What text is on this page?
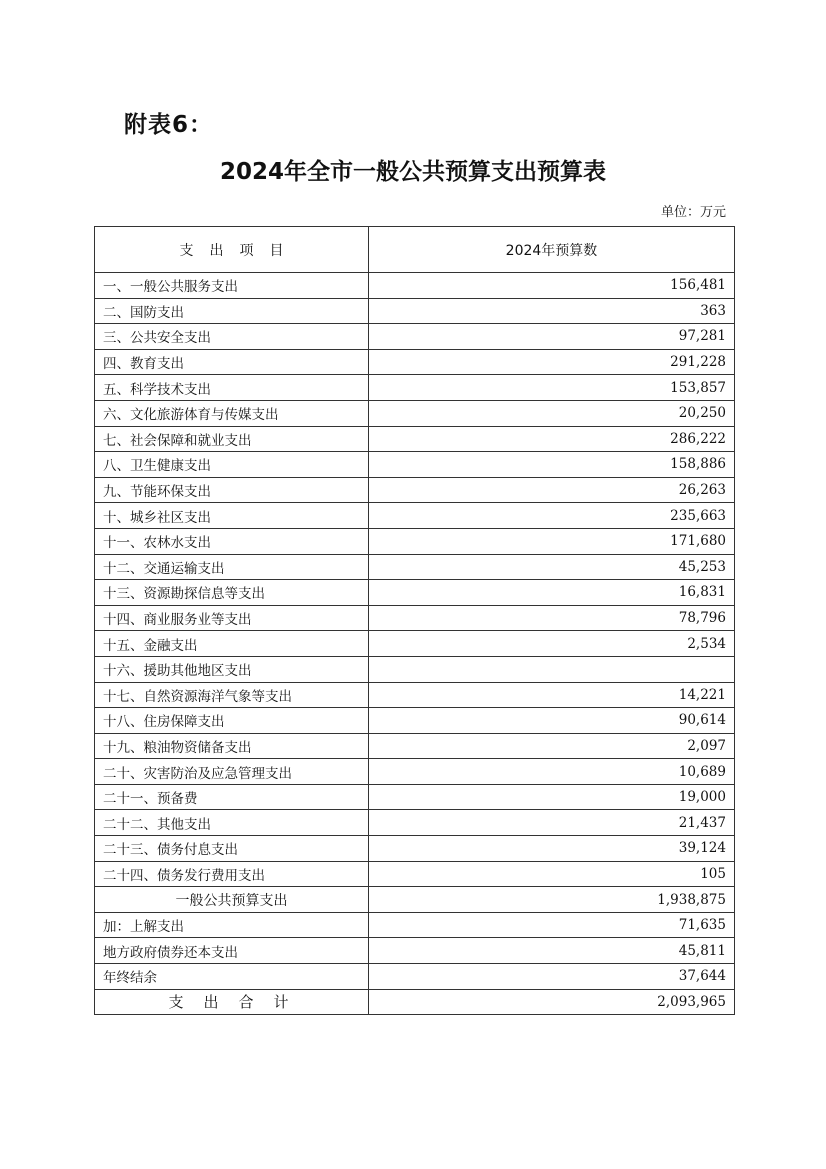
附表6：
2024年全市一般公共预算支出预算表
单位：万元
支出项目	2024年预算数
一、一般公共服务支出	156,481
二、国防支出	363
三、公共安全支出	97,281
四、教育支出	291,228
五、科学技术支出	153,857
六、文化旅游体育与传媒支出	20,250
七、社会保障和就业支出	286,222
八、卫生健康支出	158,886
九、节能环保支出	26,263
十、城乡社区支出	235,663
十一、农林水支出	171,680
十二、交通运输支出	45,253
十三、资源勘探信息等支出	16,831
十四、商业服务业等支出	78,796
十五、金融支出	2,534
十六、援助其他地区支出	
十七、自然资源海洋气象等支出	14,221
十八、住房保障支出	90,614
十九、粮油物资储备支出	2,097
二十、灾害防治及应急管理支出	10,689
二十一、预备费	19,000
二十二、其他支出	21,437
二十三、债务付息支出	39,124
二十四、债务发行费用支出	105
一般公共预算支出	1,938,875
加：上解支出	71,635
地方政府债券还本支出	45,811
年终结余	37,644
支出合计	2,093,965
